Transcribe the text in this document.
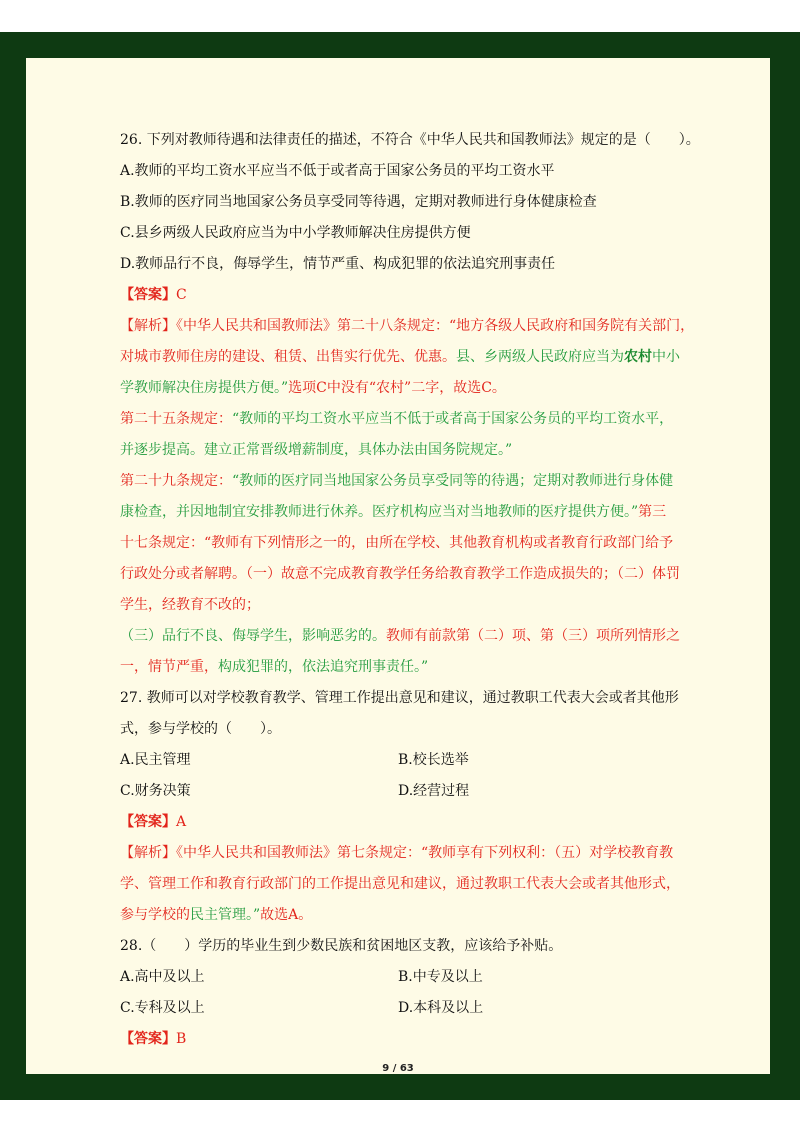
26. 下列对教师待遇和法律责任的描述，不符合《中华人民共和国教师法》规定的是（　　）。
A.教师的平均工资水平应当不低于或者高于国家公务员的平均工资水平
B.教师的医疗同当地国家公务员享受同等待遇，定期对教师进行身体健康检查
C.县乡两级人民政府应当为中小学教师解决住房提供方便
D.教师品行不良，侮辱学生，情节严重、构成犯罪的依法追究刑事责任
【答案】C
【解析】《中华人民共和国教师法》第二十八条规定：“地方各级人民政府和国务院有关部门，
对城市教师住房的建设、租赁、出售实行优先、优惠。县、乡两级人民政府应当为农村中小
学教师解决住房提供方便。”选项C中没有“农村”二字，故选C。
第二十五条规定：“教师的平均工资水平应当不低于或者高于国家公务员的平均工资水平，
并逐步提高。建立正常晋级增薪制度，具体办法由国务院规定。”
第二十九条规定：“教师的医疗同当地国家公务员享受同等的待遇；定期对教师进行身体健
康检查，并因地制宜安排教师进行休养。医疗机构应当对当地教师的医疗提供方便。”第三
十七条规定：“教师有下列情形之一的，由所在学校、其他教育机构或者教育行政部门给予
行政处分或者解聘。（一）故意不完成教育教学任务给教育教学工作造成损失的；（二）体罚
学生，经教育不改的；
（三）品行不良、侮辱学生，影响恶劣的。教师有前款第（二）项、第（三）项所列情形之
一，情节严重，构成犯罪的，依法追究刑事责任。”
27. 教师可以对学校教育教学、管理工作提出意见和建议，通过教职工代表大会或者其他形
式，参与学校的（　　）。
A.民主管理	B.校长选举
C.财务决策	D.经营过程
【答案】A
【解析】《中华人民共和国教师法》第七条规定：“教师享有下列权利：（五）对学校教育教
学、管理工作和教育行政部门的工作提出意见和建议，通过教职工代表大会或者其他形式，
参与学校的民主管理。”故选A。
28.（　　）学历的毕业生到少数民族和贫困地区支教，应该给予补贴。
A.高中及以上	B.中专及以上
C.专科及以上	D.本科及以上
【答案】B
9 / 63
